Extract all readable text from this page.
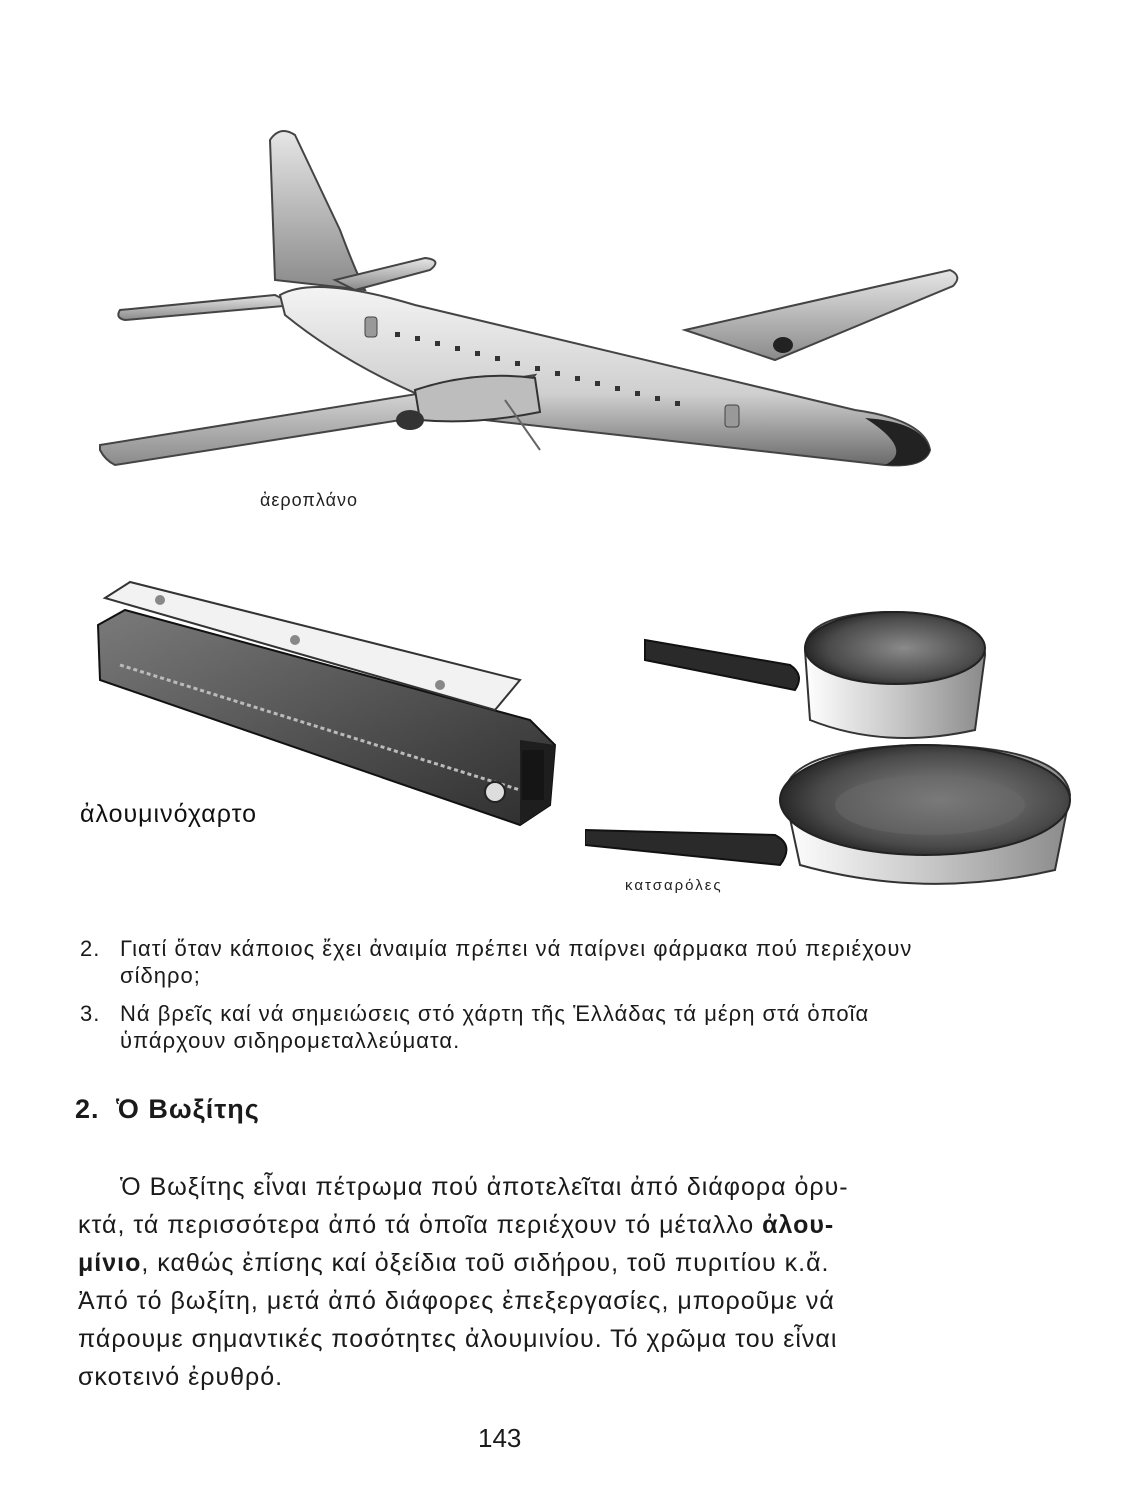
ἀεροπλάνο
ἀλουμινόχαρτο
κατσαρόλες
2. Γιατί ὅταν κάποιος ἔχει ἀναιμία πρέπει νά παίρνει φάρμακα πού περιέχουν σίδηρο;
3. Νά βρεῖς καί νά σημειώσεις στό χάρτη τῆς Ἑλλάδας τά μέρη στά ὁποῖα ὑπάρχουν σιδηρομεταλλεύματα.
2. Ὁ Βωξίτης
Ὁ Βωξίτης εἶναι πέτρωμα πού ἀποτελεῖται ἀπό διάφορα ὀρυ-
κτά, τά περισσότερα ἀπό τά ὁποῖα περιέχουν τό μέταλλο ἀλου-
μίνιο, καθώς ἐπίσης καί ὀξείδια τοῦ σιδήρου, τοῦ πυριτίου κ.ἄ.
Ἀπό τό βωξίτη, μετά ἀπό διάφορες ἐπεξεργασίες, μποροῦμε νά
πάρουμε σημαντικές ποσότητες ἀλουμινίου. Τό χρῶμα του εἶναι
σκοτεινό ἐρυθρό.
143
